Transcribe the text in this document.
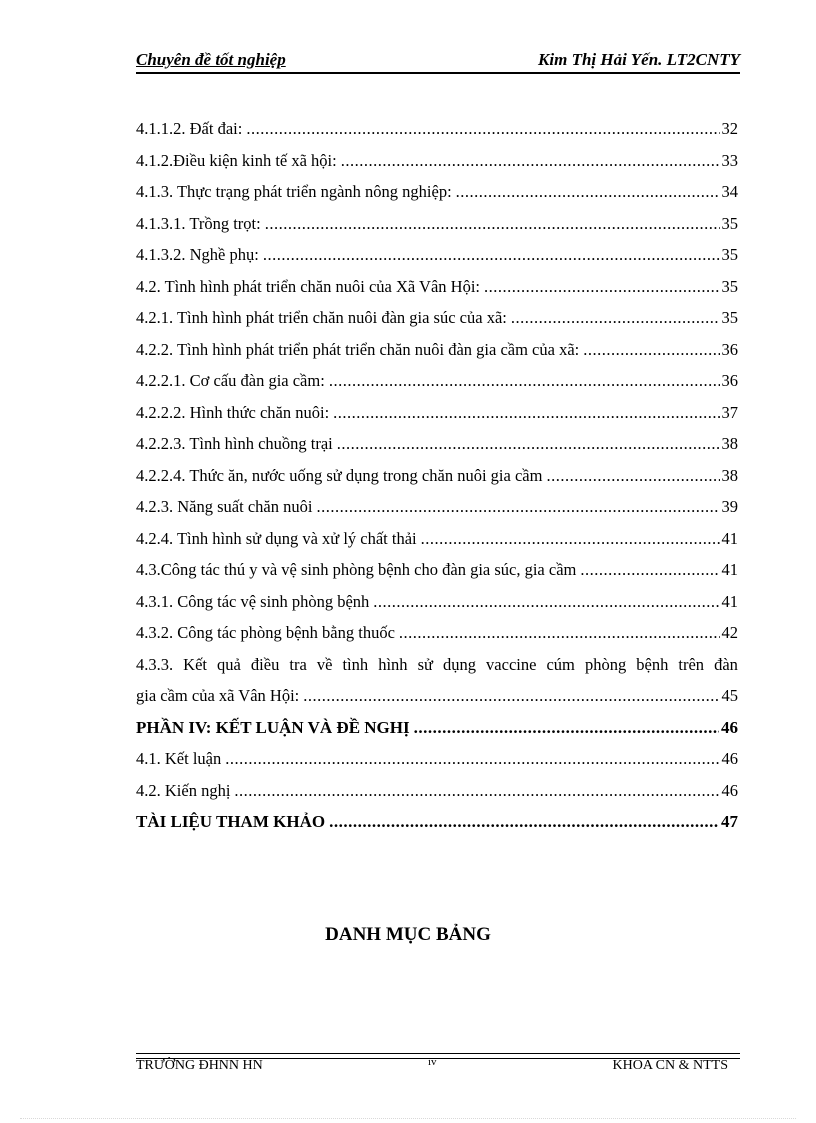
Chuyên đề tốt nghiệp	Kim Thị Hải Yến. LT2CNTY
4.1.1.2. Đất đai: .....	32
4.1.2.Điều kiện kinh tế xã hội: .....	33
4.1.3. Thực trạng phát triển ngành nông nghiệp: .....	34
4.1.3.1. Trồng trọt: .....	35
4.1.3.2. Nghề phụ: .....	35
4.2. Tình hình phát triển chăn nuôi của Xã Vân Hội: .....	35
4.2.1. Tình hình phát triển chăn nuôi đàn gia súc của xã: .....	35
4.2.2. Tình hình phát triển phát triển chăn nuôi đàn gia cầm của xã: .....	36
4.2.2.1. Cơ cấu đàn gia cầm: .....	36
4.2.2.2. Hình thức chăn nuôi: .....	37
4.2.2.3. Tình hình chuồng trại .....	38
4.2.2.4. Thức ăn, nước uống sử dụng trong chăn nuôi gia cầm .....	38
4.2.3. Năng suất chăn nuôi .....	39
4.2.4. Tình hình sử dụng và xử lý chất thải .....	41
4.3.Công tác thú y và vệ sinh phòng bệnh cho đàn gia súc, gia cầm .....	41
4.3.1. Công tác vệ sinh phòng bệnh .....	41
4.3.2. Công tác phòng bệnh bằng thuốc .....	42
4.3.3. Kết quả điều tra về tình hình sử dụng vaccine cúm phòng bệnh trên đàn
gia cầm của xã Vân Hội: .....	45
PHẦN IV: KẾT LUẬN VÀ ĐỀ NGHỊ .....	46
4.1. Kết luận .....	46
4.2. Kiến nghị .....	46
TÀI LIỆU THAM KHẢO .....	47
DANH MỤC BẢNG
TRƯỜNG ĐHNN HN	iv	KHOA CN & NTTS
